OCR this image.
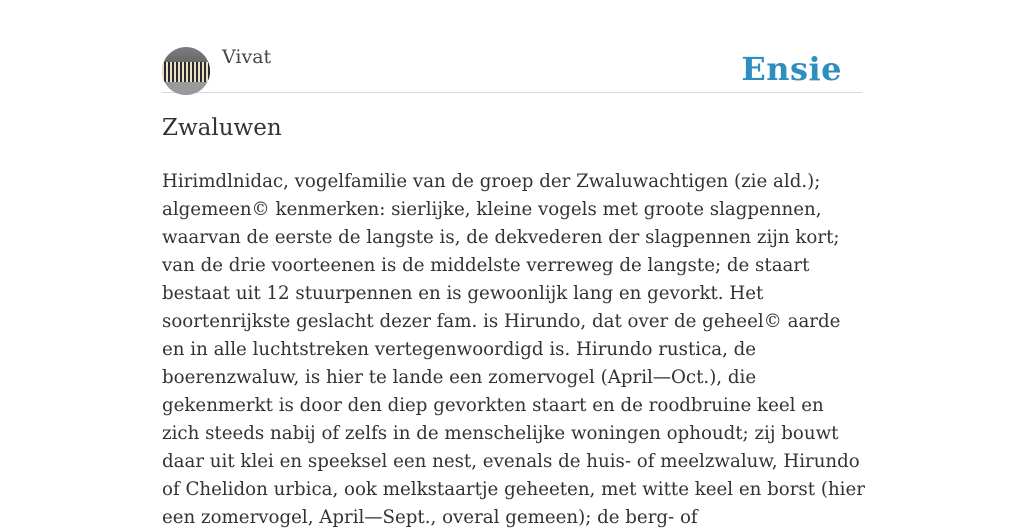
Vivat	Ensie
Zwaluwen

Hirimdlnidac, vogelfamilie van de groep der Zwaluwachtigen (zie ald.); algemeen© kenmerken: sierlijke, kleine vogels met groote slagpennen, waarvan de eerste de langste is, de dekvederen der slagpennen zijn kort; van de drie voorteenen is de middelste verreweg de langste; de staart bestaat uit 12 stuurpennen en is gewoonlijk lang en gevorkt. Het soortenrijkste geslacht dezer fam. is Hirundo, dat over de geheel© aarde en in alle luchtstreken vertegenwoordigd is. Hirundo rustica, de boerenzwaluw, is hier te lande een zomervogel (April—Oct.), die gekenmerkt is door den diep gevorkten staart en de roodbruine keel en zich steeds nabij of zelfs in de menschelijke woningen ophoudt; zij bouwt daar uit klei en speeksel een nest, evenals de huis- of meelzwaluw, Hirundo of Chelidon urbica, ook melkstaartje geheeten, met witte keel en borst (hier een zomervogel, April—Sept., overal gemeen); de berg- of
